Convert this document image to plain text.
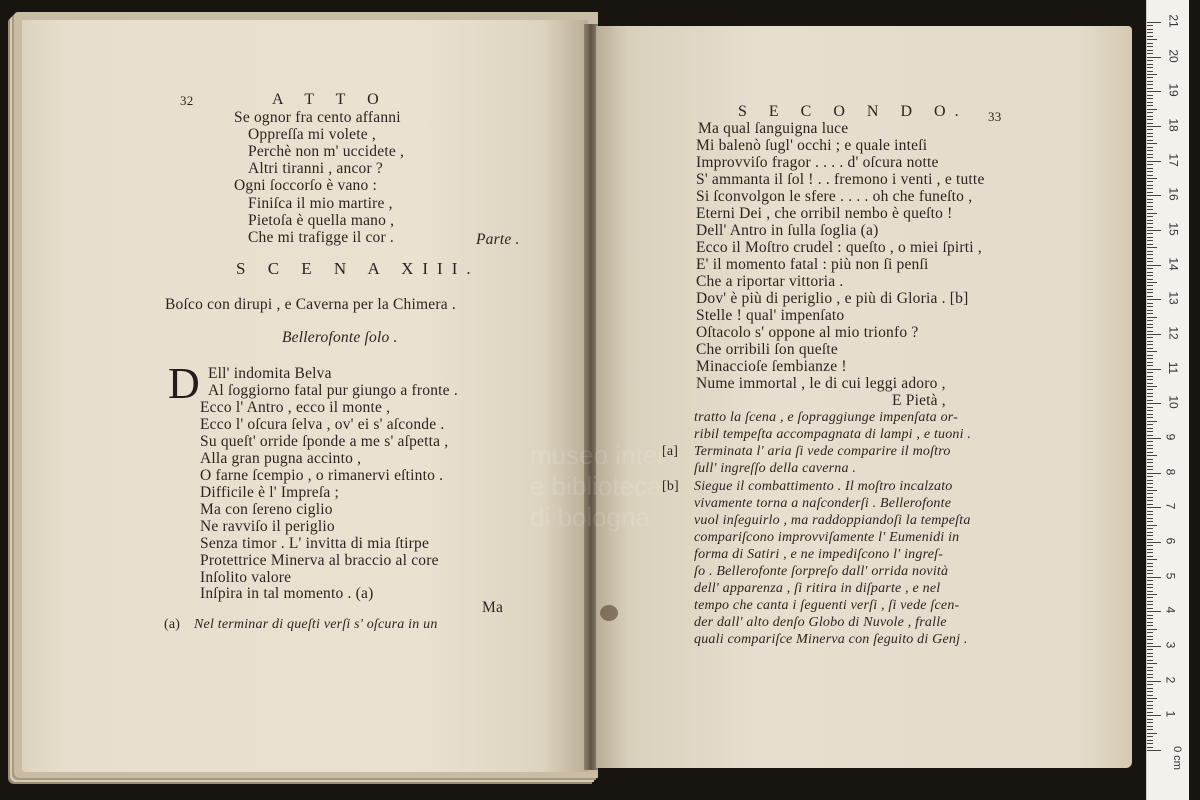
32	A T T O
Se ognor fra cento affanni
Oppreſſa mi volete ,
Perchè non m' uccidete ,
Altri tiranni , ancor ?
Ogni ſoccorſo è vano :
Finiſca il mio martire ,
Pietoſa è quella mano ,
Che mi trafigge il cor .	Parte .
S C E N A XIII.
Boſco con dirupi , e Caverna per la Chimera .
Bellerofonte ſolo .
D Ell' indomita Belva
Al ſoggiorno fatal pur giungo a fronte .
Ecco l' Antro , ecco il monte ,
Ecco l' oſcura ſelva , ov' ei s' aſconde .
Su queſt' orride ſponde a me s' aſpetta ,
Alla gran pugna accinto ,
O farne ſcempio , o rimanervi eſtinto .
Difficile è l' Impreſa ;
Ma con ſereno ciglio
Ne ravviſo il periglio
Senza timor . L' invitta di mia ſtirpe
Protettrice Minerva al braccio al core
Inſolito valore
Inſpira in tal momento . (a)
Ma
(a) Nel terminar di queſti verſi s' oſcura in un
S E C O N D O. 33
Ma qual ſanguigna luce
Mi balenò ſugl' occhi ; e quale inteſi
Improvviſo fragor . . . . d' oſcura notte
S' ammanta il ſol ! . . fremono i venti , e tutte
Si ſconvolgon le sfere . . . . oh che funeſto ,
Eterni Dei , che orribil nembo è queſto !
Dell' Antro in ſulla ſoglia (a)
Ecco il Moſtro crudel : queſto , o miei ſpirti ,
E' il momento fatal : più non ſi penſi
Che a riportar vittoria .
Dov' è più di periglio , e più di Gloria . [b]
Stelle ! qual' impenſato
Oſtacolo s' oppone al mio trionfo ?
Che orribili ſon queſte
Minaccioſe ſembianze !
Nume immortal , le di cui leggi adoro ,
E Pietà ,
tratto la ſcena , e ſopraggiunge impenſata or-
ribil tempeſta accompagnata di lampi , e tuoni .
[a] Terminata l' aria ſi vede comparire il moſtro
ſull' ingreſſo della caverna .
[b] Siegue il combattimento . Il moſtro incalzato
vivamente torna a naſconderſi . Bellerofonte
vuol inſeguirlo , ma raddoppiandoſi la tempeſta
compariſcono improvviſamente l' Eumenidi in
forma di Satiri , e ne impediſcono l' ingreſ-
ſo . Bellerofonte ſorpreſo dall' orrida novità
dell' apparenza , ſi ritira in diſparte , e nel
tempo che canta i ſeguenti verſi , ſi vede ſcen-
der dall' alto denſo Globo di Nuvole , fralle
quali compariſce Minerva con ſeguito di Genj .
21
20
19
18
17
16
15
14
13
12
11
10
9
8
7
6
5
4
3
2
1
0 cm
